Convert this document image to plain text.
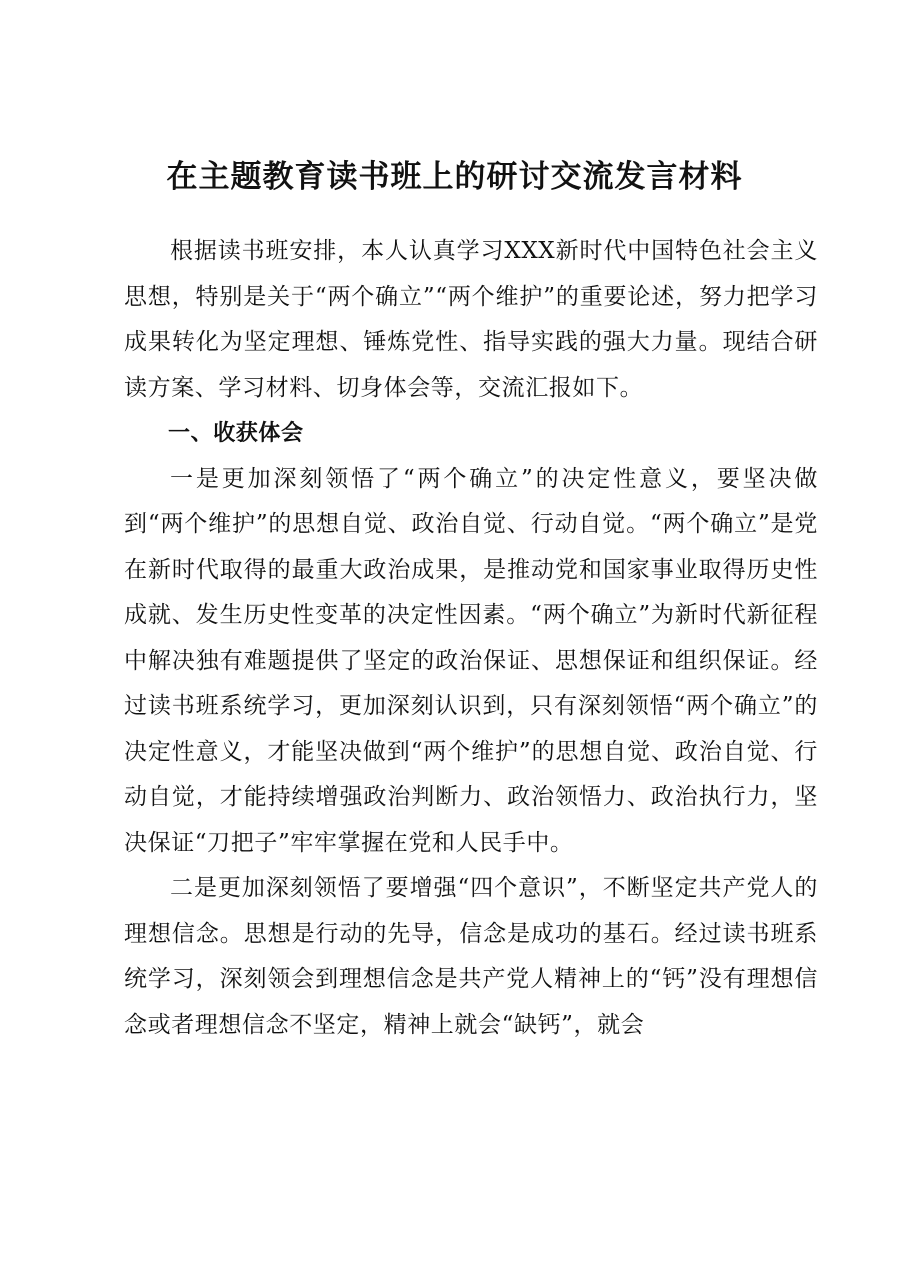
在主题教育读书班上的研讨交流发言材料

根据读书班安排，本人认真学习XXX新时代中国特色社会主义思想，特别是关于“两个确立”“两个维护”的重要论述，努力把学习成果转化为坚定理想、锤炼党性、指导实践的强大力量。现结合研读方案、学习材料、切身体会等，交流汇报如下。

一、收获体会

一是更加深刻领悟了“两个确立”的决定性意义，要坚决做到“两个维护”的思想自觉、政治自觉、行动自觉。“两个确立”是党在新时代取得的最重大政治成果，是推动党和国家事业取得历史性成就、发生历史性变革的决定性因素。“两个确立”为新时代新征程中解决独有难题提供了坚定的政治保证、思想保证和组织保证。经过读书班系统学习，更加深刻认识到，只有深刻领悟“两个确立”的决定性意义，才能坚决做到“两个维护”的思想自觉、政治自觉、行动自觉，才能持续增强政治判断力、政治领悟力、政治执行力，坚决保证“刀把子”牢牢掌握在党和人民手中。

二是更加深刻领悟了要增强“四个意识”，不断坚定共产党人的理想信念。思想是行动的先导，信念是成功的基石。经过读书班系统学习，深刻领会到理想信念是共产党人精神上的“钙”没有理想信念或者理想信念不坚定，精神上就会“缺钙”，就会
